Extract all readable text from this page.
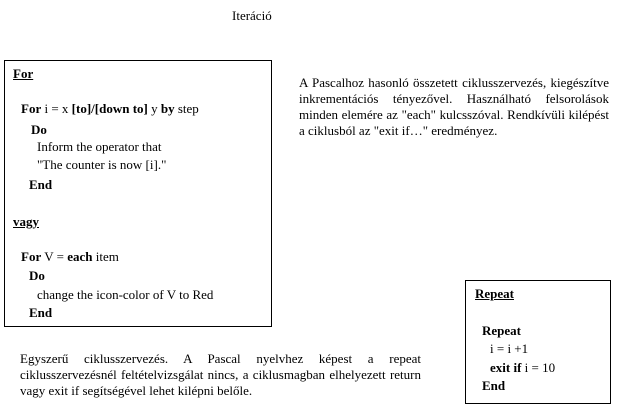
Iteráció
For
For i = x [to]/[down to] y by step
Do
Inform the operator that
"The counter is now [i]."
End
vagy
For V = each item
Do
change the icon-color of V to Red
End
A Pascalhoz hasonló összetett ciklusszervezés, kiegészítve inkrementációs tényezővel. Használható felsorolások minden elemére az "each" kulcsszóval. Rendkívüli kilépést a ciklusból az "exit if…" eredményez.
Repeat
Repeat
i = i +1
exit if i = 10
End
Egyszerű ciklusszervezés. A Pascal nyelvhez képest a repeat ciklusszervezésnél feltételvizsgálat nincs, a ciklusmagban elhelyezett return vagy exit if segítségével lehet kilépni belőle.
